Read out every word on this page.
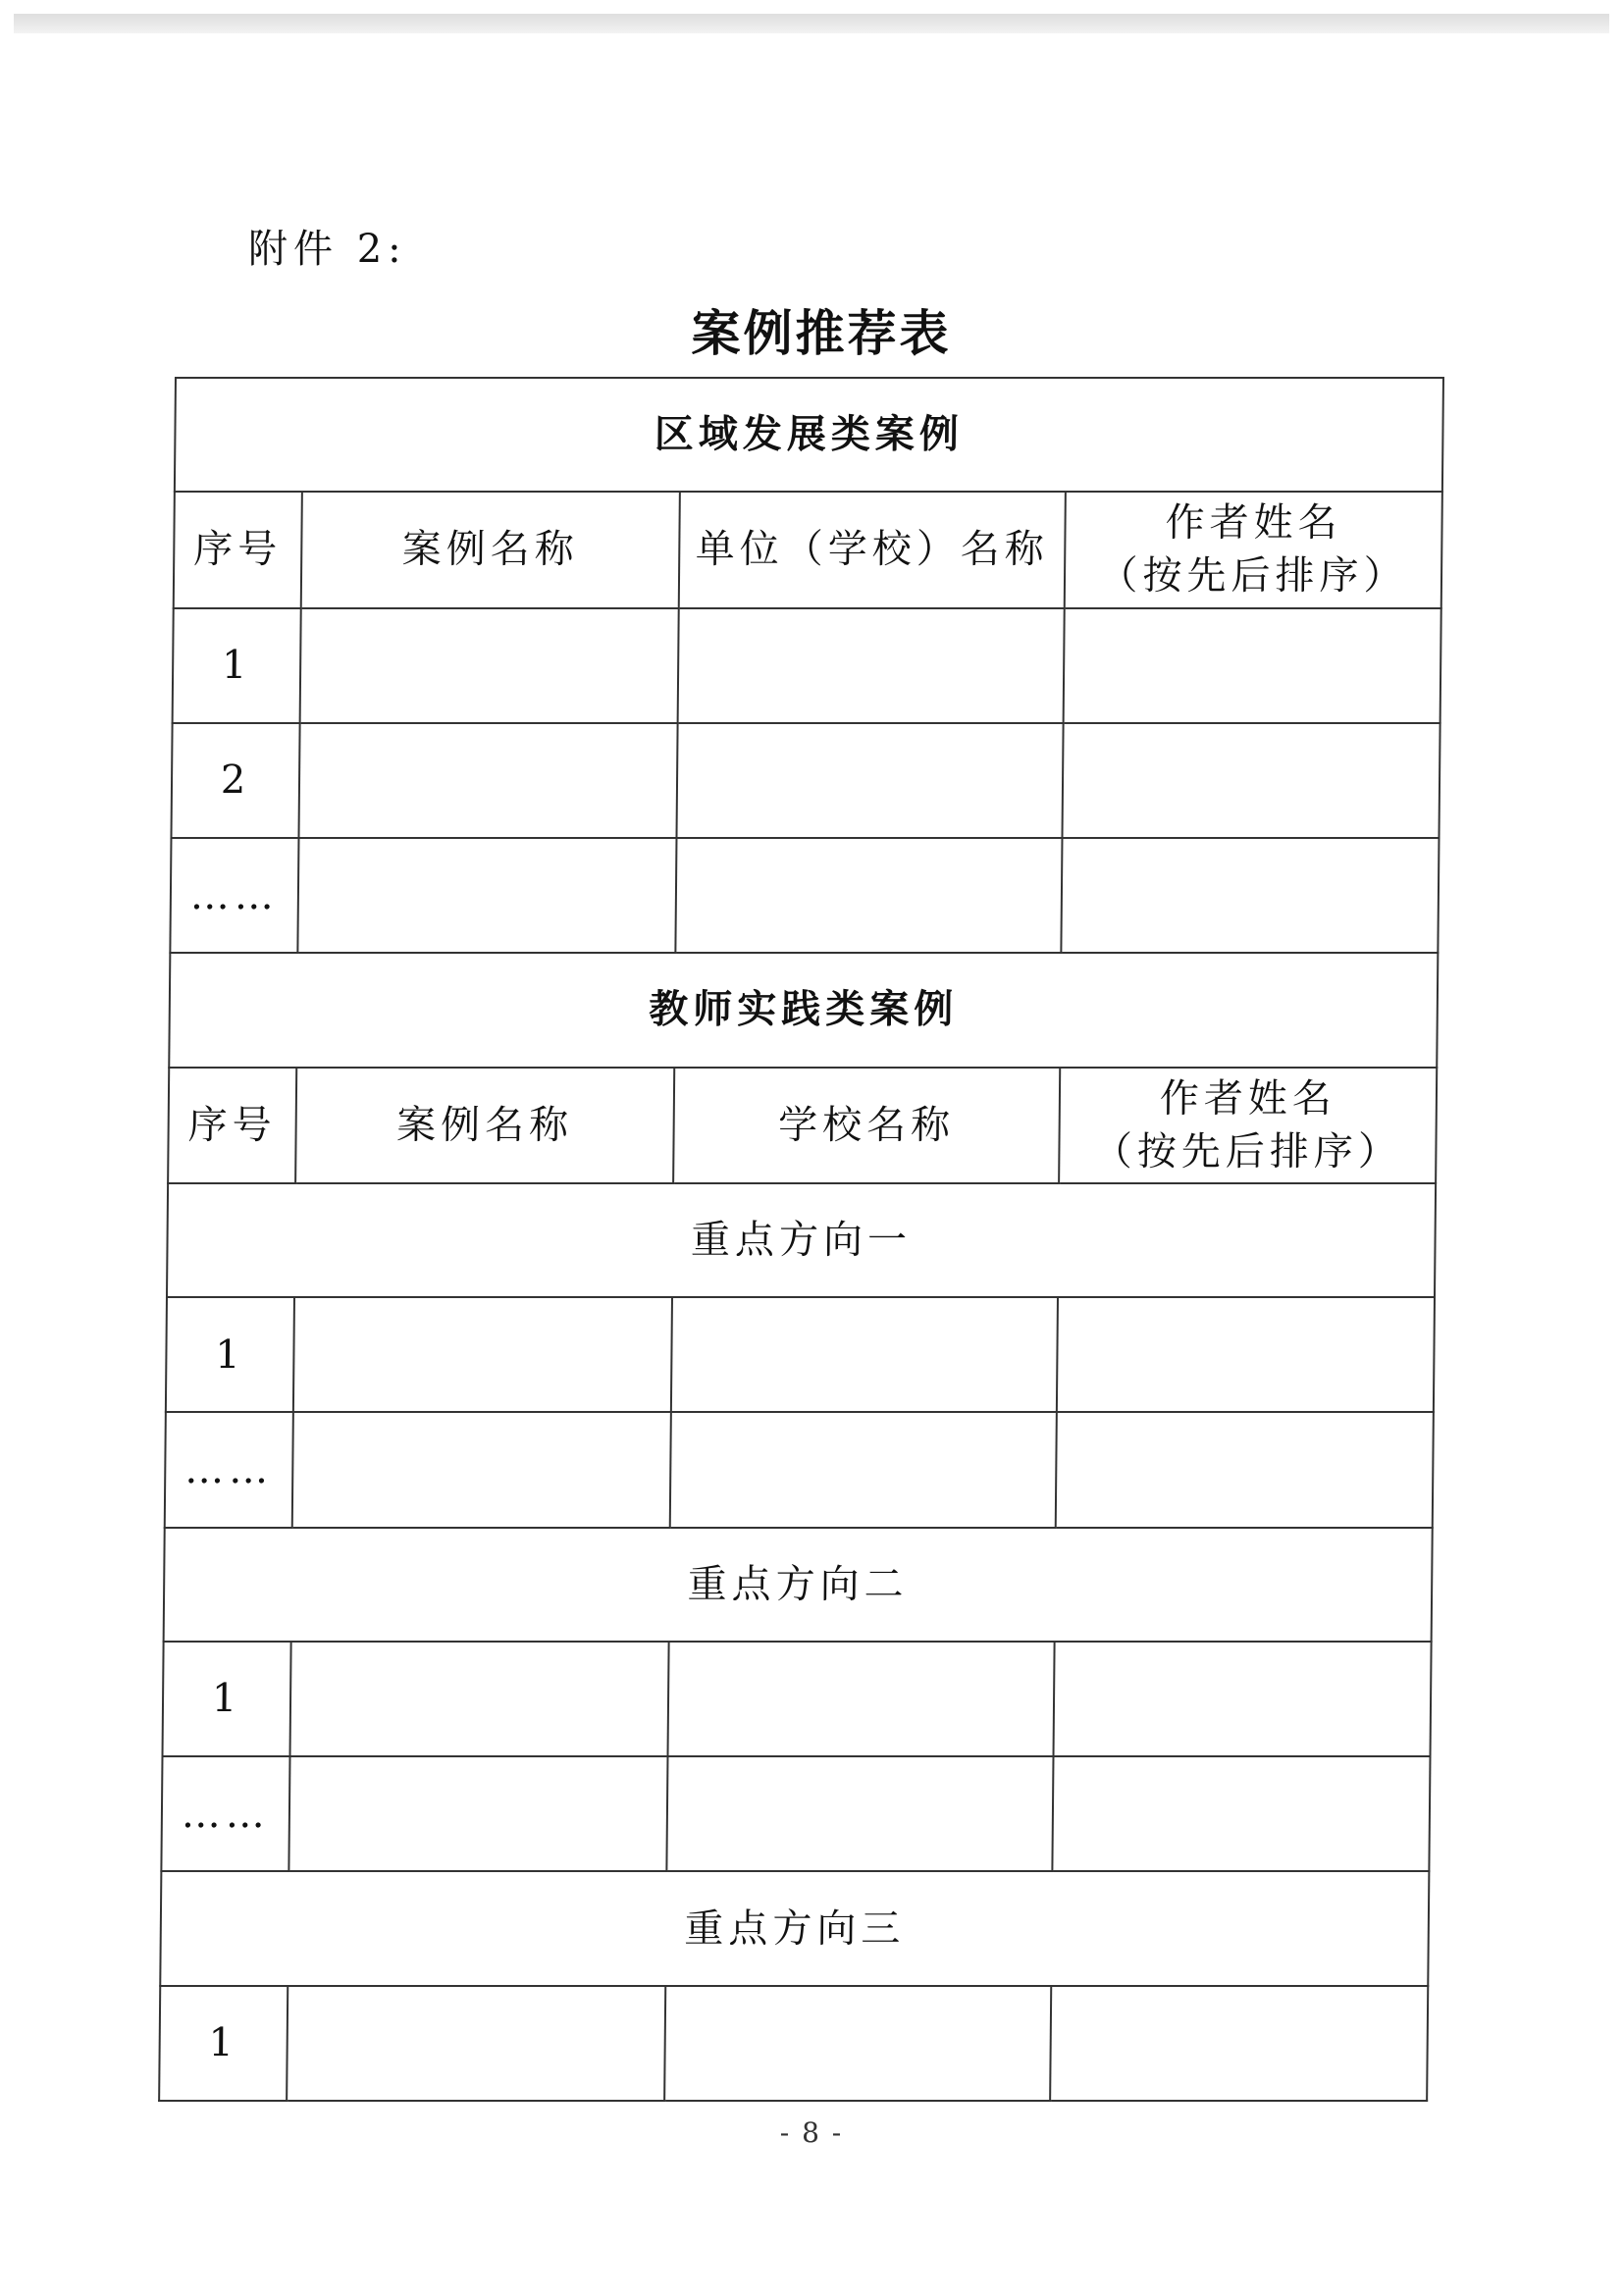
附件 2:
案例推荐表
区域发展类案例			
序号	案例名称	单位（学校）名称	作者姓名
（按先后排序）
1			
2			
……			
教师实践类案例			
序号	案例名称	学校名称	作者姓名
（按先后排序）
重点方向一			
1			
……			
重点方向二			
1			
……			
重点方向三			
1			
- 8 -
